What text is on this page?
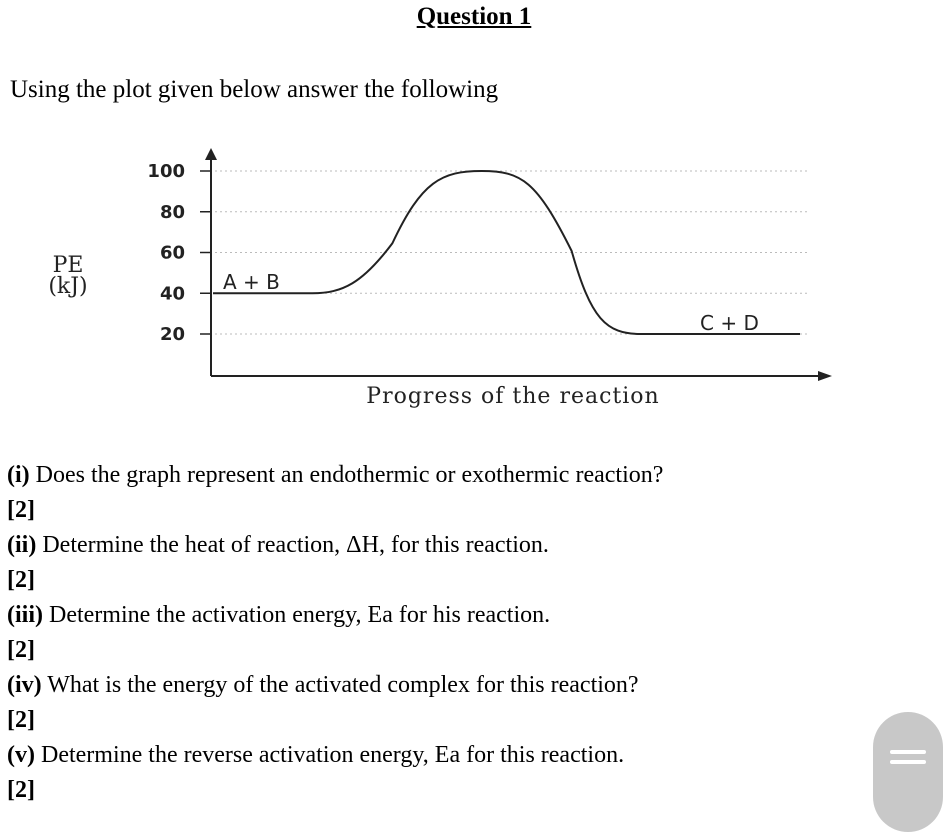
Question 1
Using the plot given below answer the following
100
80
60
40
20
A + B
C + D
PE
(kJ)
Progress of the reaction
(i) Does the graph represent an endothermic or exothermic reaction?
[2]
(ii) Determine the heat of reaction, ΔH, for this reaction.
[2]
(iii) Determine the activation energy, Ea for his reaction.
[2]
(iv) What is the energy of the activated complex for this reaction?
[2]
(v) Determine the reverse activation energy, Ea for this reaction.
[2]
